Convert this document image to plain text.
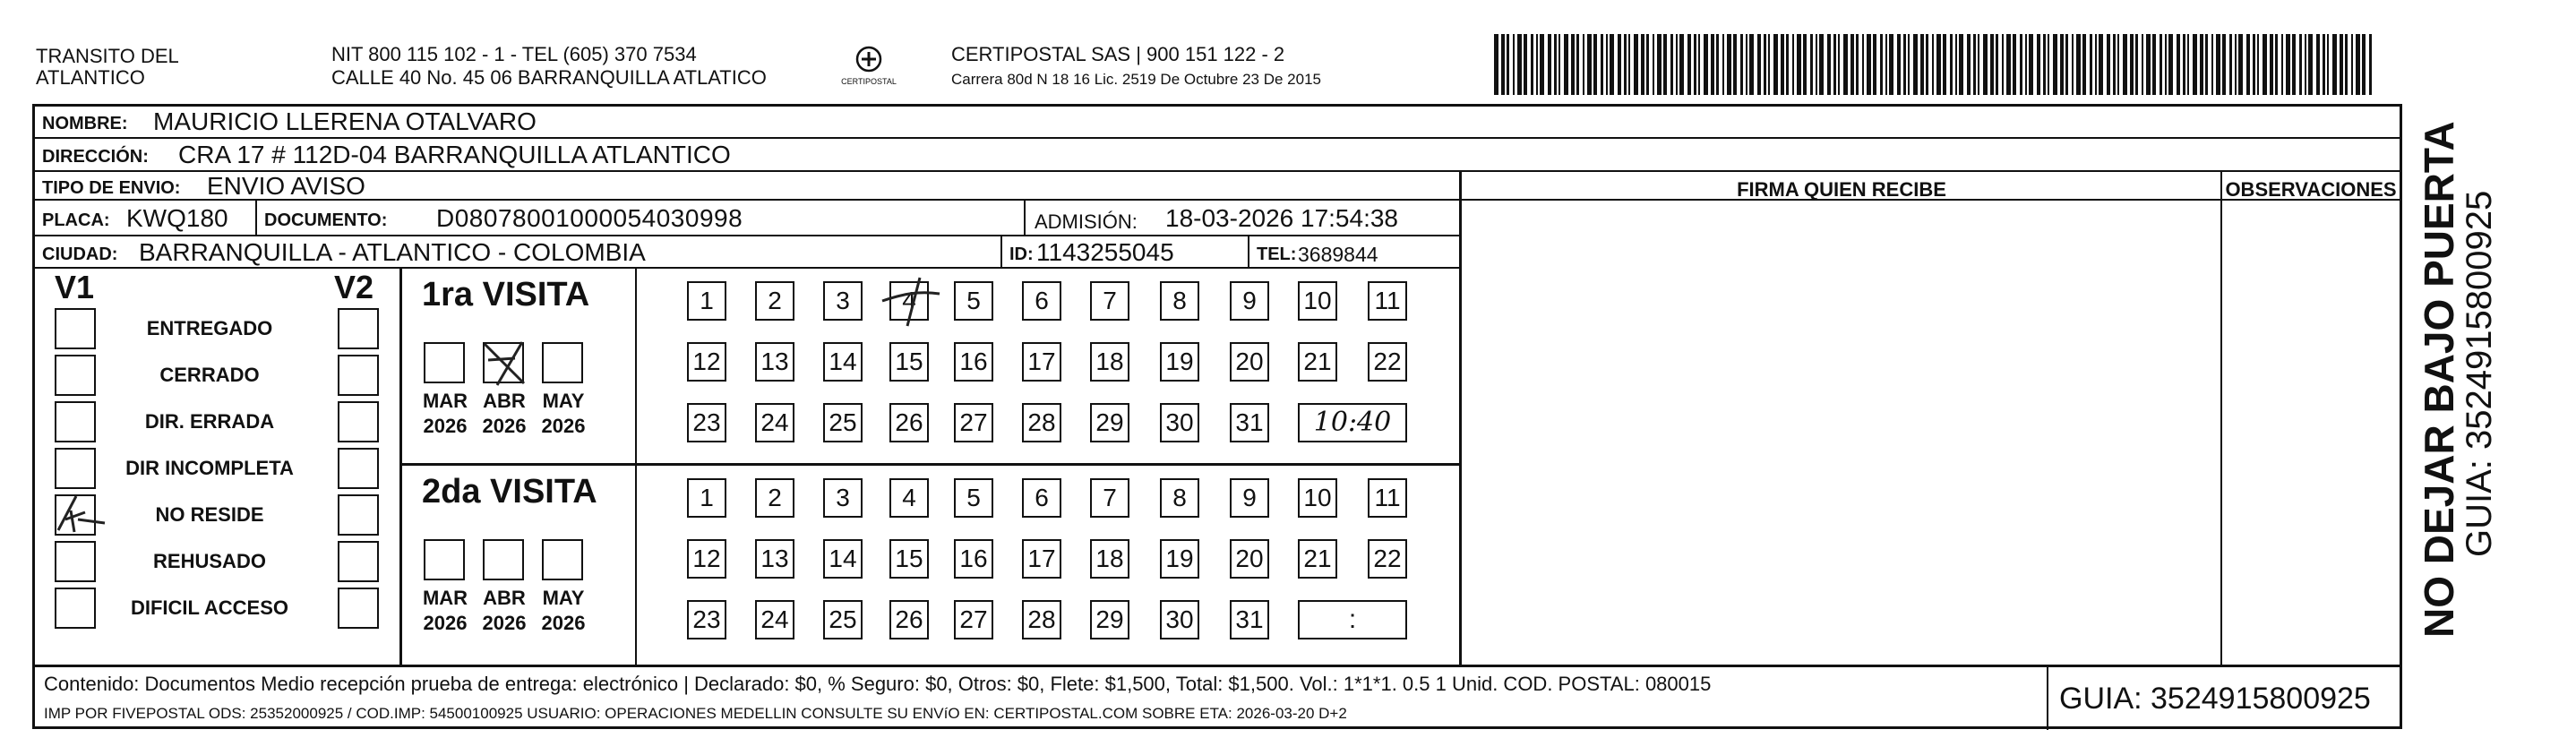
TRANSITO DEL
ATLANTICO
NIT 800 115 102 - 1 - TEL (605) 370 7534
CALLE 40 No. 45 06 BARRANQUILLA ATLATICO	CERTIPOSTAL
CERTIPOSTAL SAS | 900 151 122 - 2
Carrera 80d N 18 16 Lic. 2519 De Octubre 23 De 2015
NOMBRE: MAURICIO LLERENA OTALVARO
DIRECCIÓN: CRA 17 # 112D-04 BARRANQUILLA ATLANTICO
TIPO DE ENVIO: ENVIO AVISO
PLACA: KWQ180 DOCUMENTO: D08078001000054030998	ADMISIÓN: 18-03-2026 17:54:38
CIUDAD: BARRANQUILLA - ATLANTICO - COLOMBIA	ID: 1143255045	TEL: 3689844
FIRMA QUIEN RECIBE	OBSERVACIONES
V1	V2
ENTREGADO
CERRADO
DIR. ERRADA
DIR INCOMPLETA
NO RESIDE
REHUSADO
DIFICIL ACCESO
1ra VISITA
MAR
2026
ABR
2026
MAY
2026
1	2	3	4	5	6	7	8	9	10 11
12 13 14 15 16 17 18 19 20 21 22
23 24 25 26 27 28 29 30 31	10:40
2da VISITA
MAR
2026
ABR
2026
MAY
2026
1	2	3	4	5	6	7	8	9	10 11
12 13 14 15 16 17 18 19 20 21 22
23 24 25 26 27 28 29 30 31	:
Contenido: Documentos Medio recepción prueba de entrega: electrónico | Declarado: $0, % Seguro: $0, Otros: $0, Flete: $1,500, Total: $1,500. Vol.: 1*1*1. 0.5 1 Unid. COD. POSTAL: 080015
IMP POR FIVEPOSTAL ODS: 25352000925 / COD.IMP: 54500100925 USUARIO: OPERACIONES MEDELLIN CONSULTE SU ENVíO EN: CERTIPOSTAL.COM SOBRE ETA: 2026-03-20 D+2	GUIA: 3524915800925
NO DEJAR BAJO PUERTA
GUIA: 3524915800925
